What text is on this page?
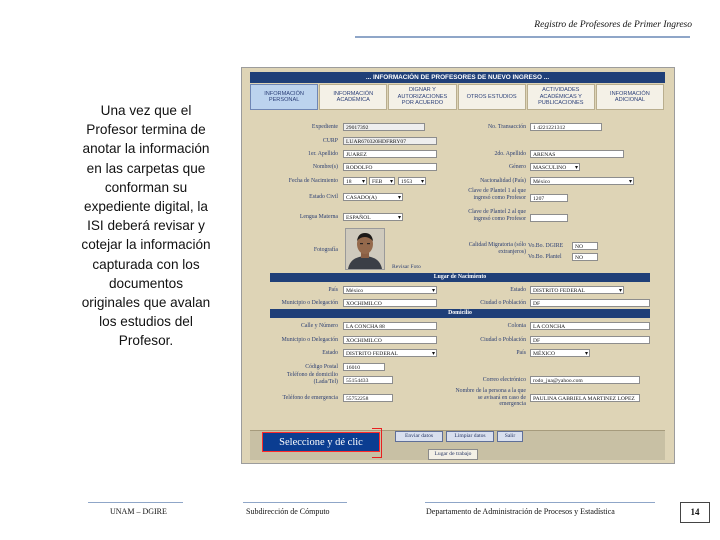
Registro de Profesores de Primer Ingreso
Una vez que el Profesor termina de anotar la información en las carpetas que conforman su expediente digital, la ISI deberá revisar y cotejar la información capturada con los documentos originales que avalan los estudios del Profesor.
... INFORMACIÓN DE PROFESORES DE NUEVO INGRESO ...
INFORMACIÓN PERSONAL
INFORMACIÓN ACADÉMICA
DIGNAR Y AUTORIZACIONES POR ACUERDO
OTROS ESTUDIOS
ACTIVIDADES ACADÉMICAS Y PUBLICACIONES
INFORMACIÓN ADICIONAL
Expediente	29017392	No. Transacción	1 4221221312
CURP	LUAR670320HDFRRY07
1er. Apellido	JUAREZ	2do. Apellido	ARENAS
Nombre(s)	RODOLFO	Género	MASCULINO ▾
Fecha de Nacimiento	18 ▾	FEB ▾	1953 ▾	Nacionalidad (País)	México ▾
Estado Civil	CASADO(A) ▾
Clave de Plantel 1 al que ingresó como Profesor	1207
Clave de Plantel 2 al que ingresó como Profesor
Lengua Materna	ESPAÑOL ▾
Fotografía
Revisar Foto
Calidad Migratoria (sólo extranjeros)
Vo.Bo. DGIRE	NO
Vo.Bo. Plantel	NO
Lugar de Nacimiento
País	México ▾	Estado	DISTRITO FEDERAL ▾
Municipio o Delegación	XOCHIMILCO	Ciudad o Población	DF
Domicilio
Calle y Número	LA CONCHA 88	Colonia	LA CONCHA
Municipio o Delegación	XOCHIMILCO	Ciudad o Población	DF
Estado	DISTRITO FEDERAL ▾	País	MÉXICO ▾
Código Postal	16010
Teléfono de domicilio (Lada/Tel)	55154433	Correo electrónico	rodo_jua@yahoo.com
Teléfono de emergencia	55752258
Nombre de la persona a la que se avisará en caso de emergencia
PAULINA GABRIELA MARTINEZ LOPEZ
Enviar datos	Limpiar datos	Salir
Lugar de trabajo
Seleccione y dé clic
UNAM – DGIRE	Subdirección de Cómputo	Departamento de Administración de Procesos y Estadística	14
